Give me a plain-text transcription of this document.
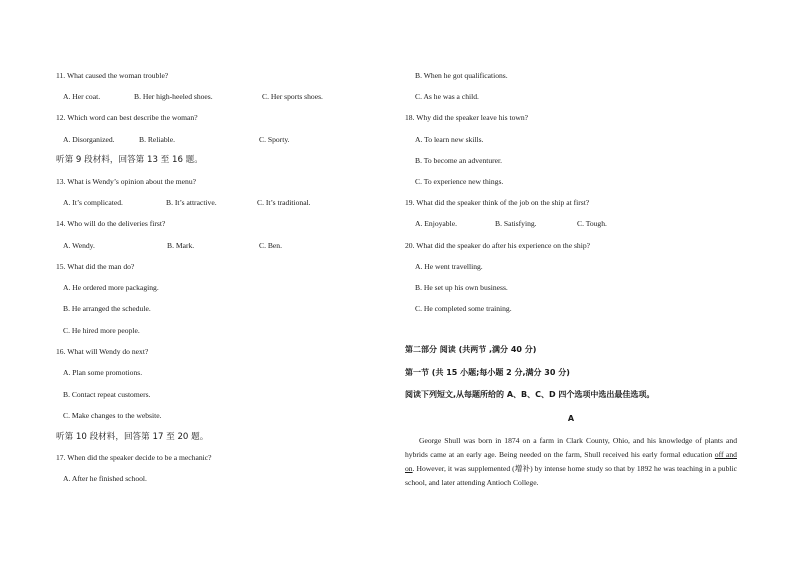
11. What caused the woman trouble?
A. Her coat.	B. Her high-heeled shoes.	C. Her sports shoes.
12. Which word can best describe the woman?
A. Disorganized.	B. Reliable.	C. Sporty.
听第 9 段材料，回答第 13 至 16 题。
13. What is Wendy’s opinion about the menu?
A. It’s complicated.	B. It’s attractive.	C. It’s traditional.
14. Who will do the deliveries first?
A. Wendy.	B. Mark.	C. Ben.
15. What did the man do?
A. He ordered more packaging.
B. He arranged the schedule.
C. He hired more people.
16. What will Wendy do next?
A. Plan some promotions.
B. Contact repeat customers.
C. Make changes to the website.
听第 10 段材料，回答第 17 至 20 题。
17. When did the speaker decide to be a mechanic?
A. After he finished school.
B. When he got qualifications.
C. As he was a child.
18. Why did the speaker leave his town?
A. To learn new skills.
B. To become an adventurer.
C. To experience new things.
19. What did the speaker think of the job on the ship at first?
A. Enjoyable.	B. Satisfying.	C. Tough.
20. What did the speaker do after his experience on the ship?
A. He went travelling.
B. He set up his own business.
C. He completed some training.
第二部分 阅读 (共两节 ,满分 40 分)
第一节 (共 15 小题;每小题 2 分,满分 30 分)
阅读下列短文,从每题所给的 A、B、C、D 四个选项中选出最佳选项。
A
George Shull was born in 1874 on a farm in Clark County, Ohio, and his knowledge of plants and hybrids came at an early age. Being needed on the farm, Shull received his early formal education off and on. However, it was supplemented (增补) by intense home study so that by 1892 he was teaching in a public school, and later attending Antioch College.
